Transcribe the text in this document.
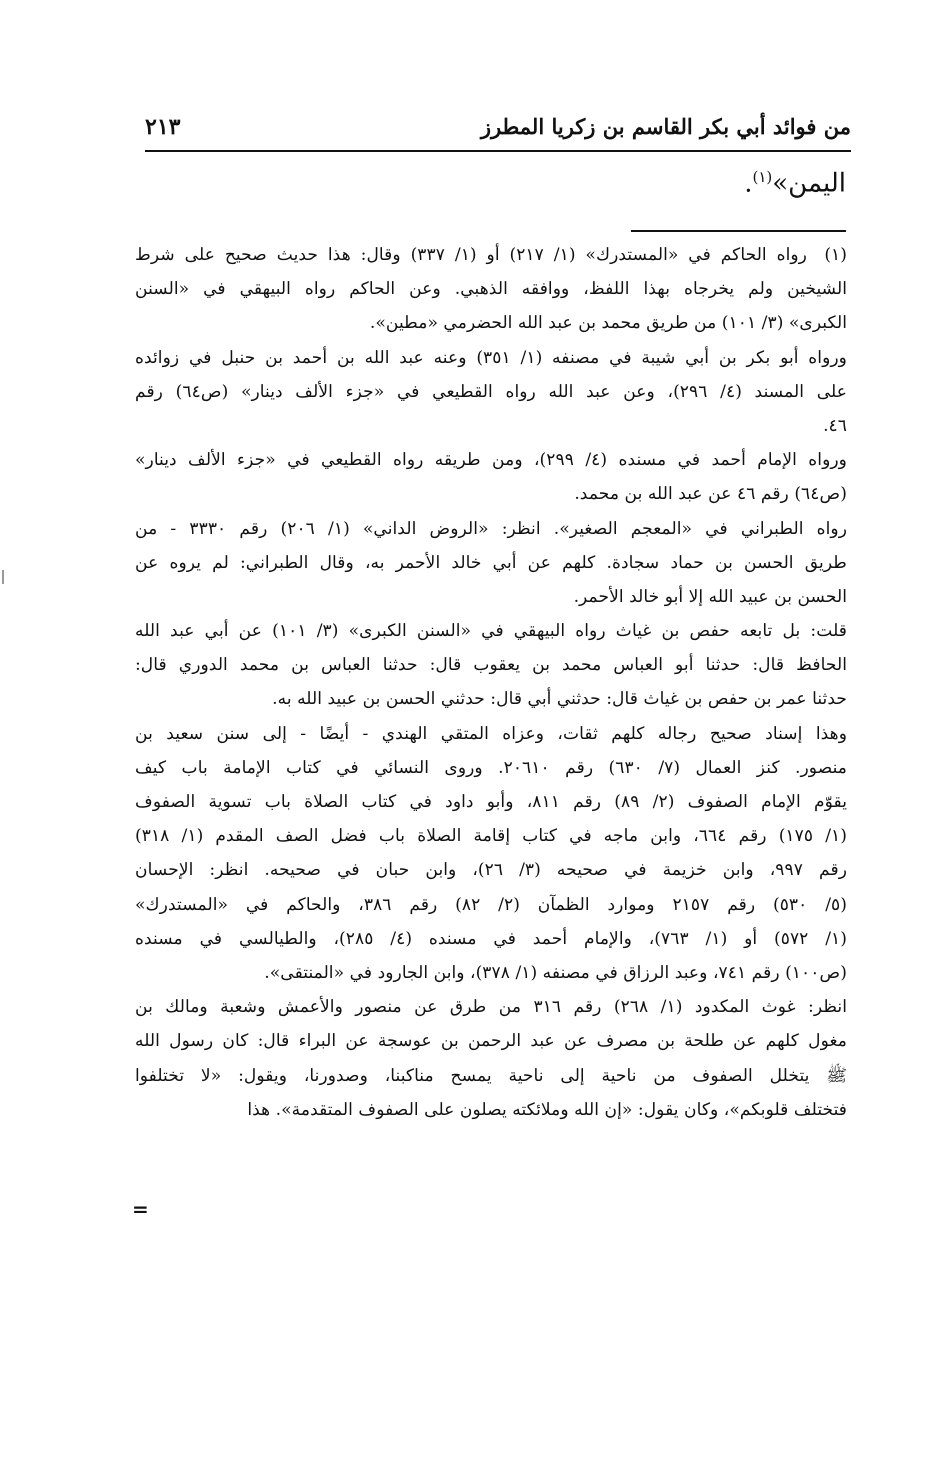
من فوائد أبي بكر القاسم بن زكريا المطرز
٢١٣
اليمن»$^{(١)}$.
(١)
رواه الحاكم في «المستدرك» (١/ ٢١٧) أو (١/ ٣٣٧) وقال: هذا حديث صحيح على شرط
الشيخين ولم يخرجاه بهذا اللفظ، ووافقه الذهبي. وعن الحاكم رواه البيهقي في «السنن
الكبرى» (٣/ ١٠١) من طريق محمد بن عبد الله الحضرمي «مطين».
ورواه أبو بكر بن أبي شيبة في مصنفه (١/ ٣٥١) وعنه عبد الله بن أحمد بن حنبل في زوائده
على المسند (٤/ ٢٩٦)، وعن عبد الله رواه القطيعي في «جزء الألف دينار» (ص٦٤) رقم
٤٦.
ورواه الإمام أحمد في مسنده (٤/ ٢٩٩)، ومن طريقه رواه القطيعي في «جزء الألف دينار»
(ص٦٤) رقم ٤٦ عن عبد الله بن محمد.
رواه الطبراني في «المعجم الصغير». انظر: «الروض الداني» (١/ ٢٠٦) رقم ٣٣٣٠ - من
طريق الحسن بن حماد سجادة. كلهم عن أبي خالد الأحمر به، وقال الطبراني: لم يروه عن
الحسن بن عبيد الله إلا أبو خالد الأحمر.
قلت: بل تابعه حفص بن غياث رواه البيهقي في «السنن الكبرى» (٣/ ١٠١) عن أبي عبد الله
الحافظ قال: حدثنا أبو العباس محمد بن يعقوب قال: حدثنا العباس بن محمد الدوري قال:
حدثنا عمر بن حفص بن غياث قال: حدثني أبي قال: حدثني الحسن بن عبيد الله به.
وهذا إسناد صحيح رجاله كلهم ثقات، وعزاه المتقي الهندي - أيضًا - إلى سنن سعيد بن
منصور. كنز العمال (٧/ ٦٣٠) رقم ٢٠٦١٠. وروى النسائي في كتاب الإمامة باب كيف
يقوّم الإمام الصفوف (٢/ ٨٩) رقم ٨١١، وأبو داود في كتاب الصلاة باب تسوية الصفوف
(١/ ١٧٥) رقم ٦٦٤، وابن ماجه في كتاب إقامة الصلاة باب فضل الصف المقدم (١/ ٣١٨)
رقم ٩٩٧، وابن خزيمة في صحيحه (٣/ ٢٦)، وابن حبان في صحيحه. انظر: الإحسان
(٥/ ٥٣٠) رقم ٢١٥٧ وموارد الظمآن (٢/ ٨٢) رقم ٣٨٦، والحاكم في «المستدرك»
(١/ ٥٧٢) أو (١/ ٧٦٣)، والإمام أحمد في مسنده (٤/ ٢٨٥)، والطيالسي في مسنده
(ص١٠٠) رقم ٧٤١، وعبد الرزاق في مصنفه (١/ ٣٧٨)، وابن الجارود في «المنتقى».
انظر: غوث المكدود (١/ ٢٦٨) رقم ٣١٦ من طرق عن منصور والأعمش وشعبة ومالك بن
مغول كلهم عن طلحة بن مصرف عن عبد الرحمن بن عوسجة عن البراء قال: كان رسول الله
ﷺ يتخلل الصفوف من ناحية إلى ناحية يمسح مناكبنا، وصدورنا، ويقول: «لا تختلفوا
فتختلف قلوبكم»، وكان يقول: «إن الله وملائكته يصلون على الصفوف المتقدمة». هذا
=
